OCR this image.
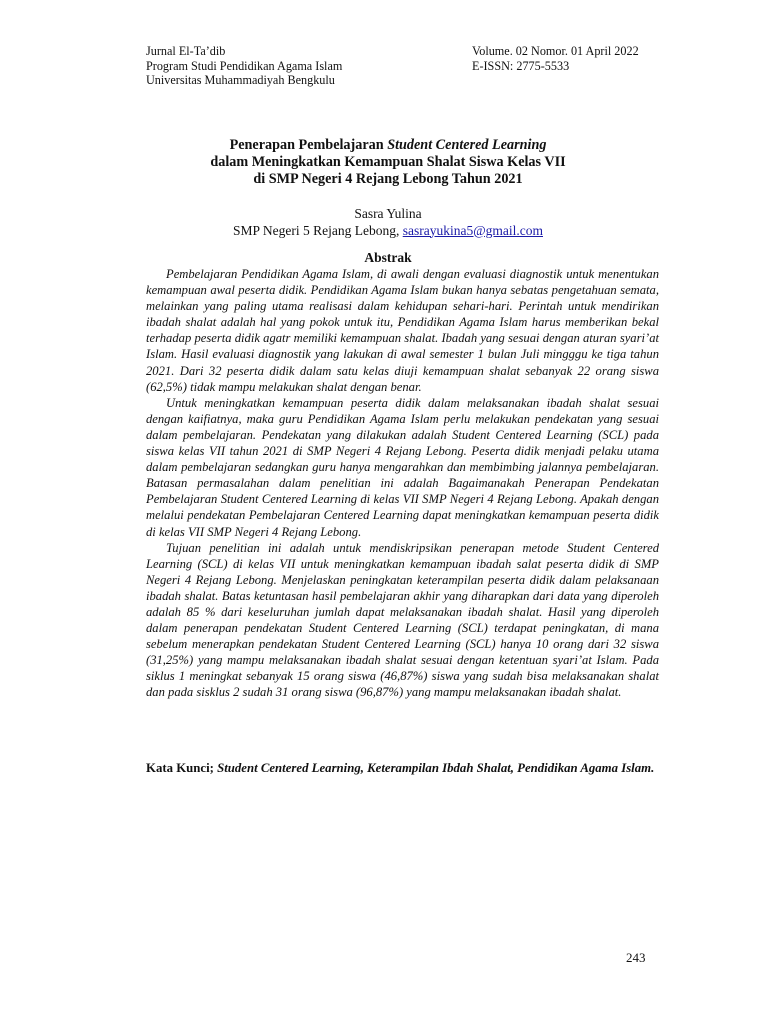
Jurnal El-Ta’dib
Program Studi Pendidikan Agama Islam
Universitas Muhammadiyah Bengkulu
Volume. 02 Nomor. 01 April 2022
E-ISSN: 2775-5533
Penerapan Pembelajaran Student Centered Learning
dalam Meningkatkan Kemampuan Shalat Siswa Kelas VII
di SMP Negeri 4 Rejang Lebong Tahun 2021
Sasra Yulina
SMP Negeri 5 Rejang Lebong, sasrayukina5@gmail.com
Abstrak

Pembelajaran Pendidikan Agama Islam, di awali dengan evaluasi diagnostik untuk menentukan kemampuan awal peserta didik. Pendidikan Agama Islam bukan hanya sebatas pengetahuan semata, melainkan yang paling utama realisasi dalam kehidupan sehari-hari. Perintah untuk mendirikan ibadah shalat adalah hal yang pokok untuk itu, Pendidikan Agama Islam harus memberikan bekal terhadap peserta didik agatr memiliki kemampuan shalat. Ibadah yang sesuai dengan aturan syari’at Islam. Hasil evaluasi diagnostik yang lakukan di awal semester 1 bulan Juli mingggu ke tiga tahun 2021. Dari 32 peserta didik dalam satu kelas diuji kemampuan shalat sebanyak 22 orang siswa (62,5%) tidak mampu melakukan shalat dengan benar.

Untuk meningkatkan kemampuan peserta didik dalam melaksanakan ibadah shalat sesuai dengan kaifiatnya, maka guru Pendidikan Agama Islam perlu melakukan pendekatan yang sesuai dalam pembelajaran. Pendekatan yang dilakukan adalah Student Centered Learning (SCL) pada siswa kelas VII tahun 2021 di SMP Negeri 4 Rejang Lebong. Peserta didik menjadi pelaku utama dalam pembelajaran sedangkan guru hanya mengarahkan dan membimbing jalannya pembelajaran. Batasan permasalahan dalam penelitian ini adalah Bagaimanakah Penerapan Pendekatan Pembelajaran Student Centered Learning di kelas VII SMP Negeri 4 Rejang Lebong. Apakah dengan melalui pendekatan Pembelajaran Centered Learning dapat meningkatkan kemampuan peserta didik di kelas VII SMP Negeri 4 Rejang Lebong.

Tujuan penelitian ini adalah untuk mendiskripsikan penerapan metode Student Centered Learning (SCL) di kelas VII untuk meningkatkan kemampuan ibadah salat peserta didik di SMP Negeri 4 Rejang Lebong. Menjelaskan peningkatan keterampilan peserta didik dalam pelaksanaan ibadah shalat. Batas ketuntasan hasil pembelajaran akhir yang diharapkan dari data yang diperoleh adalah 85 % dari keseluruhan jumlah dapat melaksanakan ibadah shalat. Hasil yang diperoleh dalam penerapan pendekatan Student Centered Learning (SCL) terdapat peningkatan, di mana sebelum menerapkan pendekatan Student Centered Learning (SCL) hanya 10 orang dari 32 siswa (31,25%) yang mampu melaksanakan ibadah shalat sesuai dengan ketentuan syari’at Islam. Pada siklus 1 meningkat sebanyak 15 orang siswa (46,87%) siswa yang sudah bisa melaksanakan shalat dan pada sisklus 2 sudah 31 orang siswa (96,87%) yang mampu melaksanakan ibadah shalat.

Kata Kunci; Student Centered Learning, Keterampilan Ibdah Shalat, Pendidikan Agama Islam.
243
